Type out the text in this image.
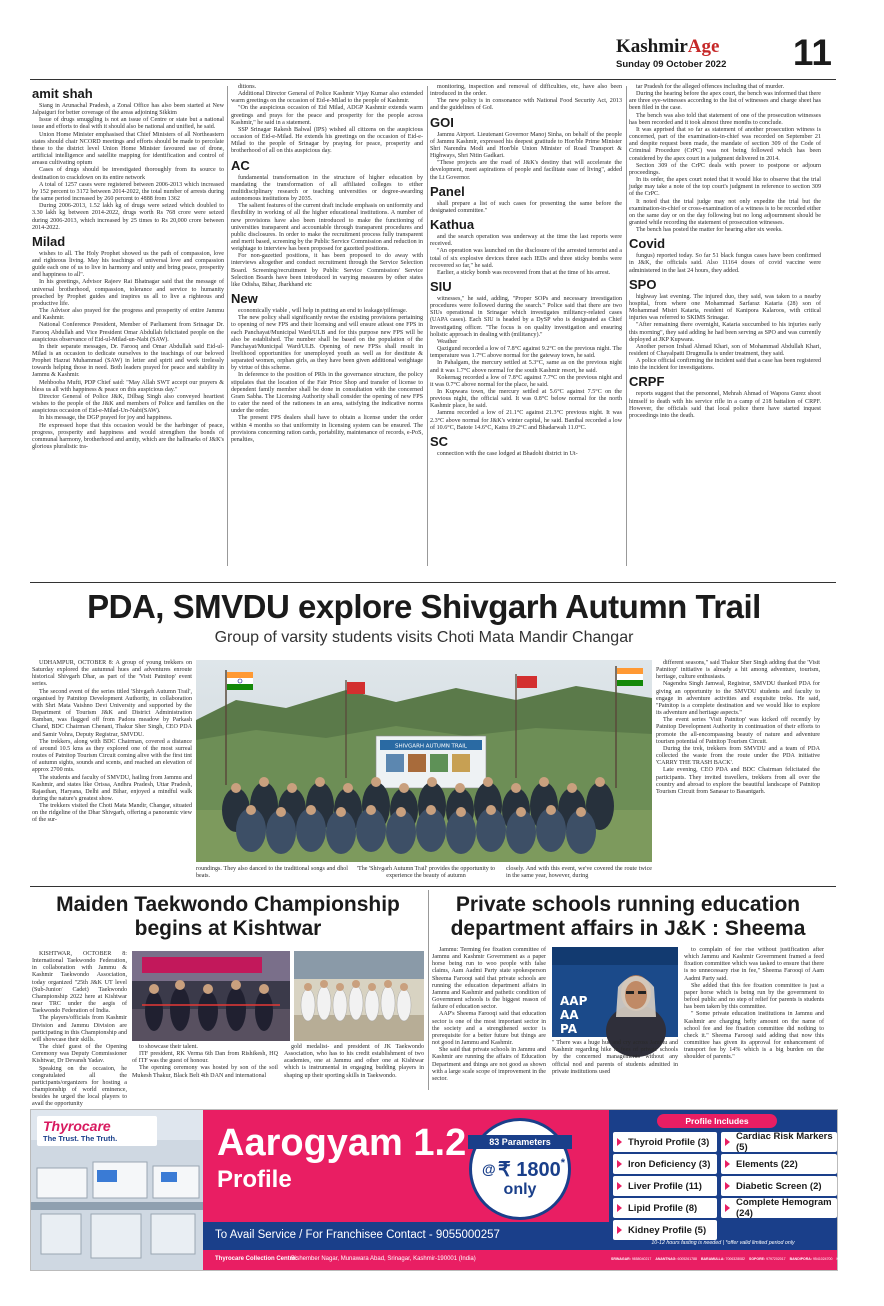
KashmirAge
Sunday 09 October 2022 11
amit shah

Siang in Arunachal Pradesh, a Zonal Office has also been started at New Jalpaiguri for better coverage of the areas adjoining Sikkim

Issue of drugs smuggling is not an issue of Centre or state but a national issue and efforts to deal with it should also be national and unified, he said.

Union Home Minister emphasised that Chief Ministers of all Northeastern states should chair NCORD meetings and efforts should be made to percolate these to the district level Union Home Minister favoured use of drone, artificial intelligence and satellite mapping for identification and control of areasu cultivating opium

Cases of drugs should be investigated thoroughly from its source to destination to crackdown on its entire network

A total of 1257 cases were registered between 2006-2013 which increased by 152 percent to 3172 between 2014-2022, the total number of arrests during the same period increased by 260 percent to 4888 from 1362

During 2006-2013, 1.52 lakh kg of drugs were seized which doubled to 3.30 lakh kg between 2014-2022, drugs worth Rs 768 crore were seized during 2006-2013, which increased by 25 times to Rs 20,000 crore between 2014-2022.

Milad

wishes to all. The Holy Prophet showed us the path of compassion, love and righteous living. May his teachings of universal love and compassion guide each one of us to live in harmony and unity and bring peace, prosperity and happiness to all".

In his greetings, Advisor Rajeev Rai Bhatnagar said that the message of universal brotherhood, compassion, tolerance and service to humanity preached by Prophet guides and inspires us all to live a righteous and productive life.

The Advisor also prayed for the progress and prosperity of entire Jammu and Kashmir.

National Conference President, Member of Parliament from Srinagar Dr. Farooq Abdullah and Vice President Omar Abdullah felicitated people on the auspicious observance of Eid-ul-Milad-un-Nabi (SAW).

In their separate messages, Dr. Farooq and Omar Abdullah said Eid-ul-Milad is an occasion to dedicate ourselves to the teachings of our beloved Prophet Hazrat Muhammad (SAW) in letter and spirit and work tirelessly towards helping those in need. Both leaders prayed for peace and stability in Jammu & Kashmir.

Mehbooba Mufti, PDP Chief said: "May Allah SWT accept our prayers & bless us all with happiness & peace on this auspicious day."

Director General of Police J&K, Dilbag Singh also conveyed heartiest wishes to the people of the J&K and members of Police and families on the auspicious occasion of Eid-e-Milad-Un-Nabi(SAW).

In his message, the DGP prayed for joy and happiness.

He expressed hope that this occasion would be the harbinger of peace, progress, prosperity and happiness and would strengthen the bonds of communal harmony, brotherhood and amity, which are the hallmarks of J&K's glorious pluralistic tra-

ditions.

Additional Director General of Police Kashmir Vijay Kumar also extended warm greetings on the occasion of Eid-e-Milad to the people of Kashmir.

"On the auspicious occasion of Eid Milad, ADGP Kashmir extends warm greetings and prays for the peace and prosperity for the people across Kashmir," he said in a statement.

SSP Srinagar Rakesh Balwal (IPS) wished all citizens on the auspicious occasion of Eid-e-Milad. He extends his greetings on the occasion of Eid-e-Milad to the people of Srinagar by praying for peace, prosperity and brotherhood of all on this auspicious day.

AC

fundamental transformation in the structure of higher education by mandating the transformation of all affiliated colleges to either multidisciplinary research or teaching universities or degree-awarding autonomous institutions by 2035.

The salient features of the current draft include emphasis on uniformity and flexibility in working of all the higher educational institutions. A number of new provisions have also been introduced to make the functioning of universities transparent and accountable through transparent procedures and public disclosures. In order to make the recruitment process fully transparent and merit based, screening by the Public Service Commission and reduction in weightage to interview has been proposed for gazetted positions.

For non-gazetted positions, it has been proposed to do away with interviews altogether and conduct recruitment through the Service Selection Board. Screening/recruitment by Public Service Commission/ Service Selection Boards have been introduced in varying measures by other states like Odisha, Bihar, Jharkhand etc

New

economically viable , will help in putting an end to leakage/pilferage.

The new policy shall significantly revise the existing provisions pertaining to opening of new FPS and their licensing and will ensure atleast one FPS in each Panchayat/Municipal Ward/ULB and for this purpose new FPS will be also be established. The number shall be based on the population of the Panchayat/Municipal Ward/ULB. Opening of new FPSs shall result in livelihood opportunities for unemployed youth as well as for destitute & separated women, orphan girls, as they have been given additional weightage by virtue of this scheme.

In deference to the position of PRIs in the governance structure, the policy stipulates that the location of the Fair Price Shop and transfer of license to dependent family member shall be done in consultation with the concerned Gram Sabha. The Licensing Authority shall consider the opening of new FPS to cater the need of the rationees in an area, satisfying the indicative norms under the order.

The present FPS dealers shall have to obtain a license under the order within 4 months so that uniformity in licensing system can be ensured. The provisions concerning ration cards, portability, maintenance of records, e-PoS, penalties,

monitoring, inspection and removal of difficulties, etc, have also been introduced in the order.

The new policy is in consonance with National Food Security Act, 2013 and the guidelines of GoI.

GOI

Jammu Airport. Lieutenant Governor Manoj Sinha, on behalf of the people of Jammu Kashmir, expressed his deepest gratitude to Hon'ble Prime Minister Shri Narendra Modi and Hon'ble Union Minister of Road Transport & Highways, Shri Nitin Gadkari.

"These projects are the road of J&K's destiny that will accelerate the development, meet aspirations of people and facilitate ease of living", added the Lt Governor.

Panel

shall prepare a list of such cases for presenting the same before the designated committee."

Kathua

and the search operation was underway at the time the last reports were received.

"An operation was launched on the disclosure of the arrested terrorist and a total of six explosive devices three each IEDs and three sticky bombs were recovered so far," he said.

Earlier, a sticky bomb was recovered from that at the time of his arrest.

SIU

witnesses," he said, adding, "Proper SOPs and necessary investigation procedures were followed during the search." Police said that there are two SIUs operational in Srinagar which investigates militancy-related cases (UAPA cases). Each SIU is headed by a DySP who is designated as Chief Investigating officer. "The focus is on quality investigation and ensuring holistic approach in dealing with (militancy)."

Weather

Qazigund recorded a low of 7.8°C against 9.2°C on the previous night. The temperature was 1.7°C above normal for the gateway town, he said.

In Pahalgam, the mercury settled at 5.3°C, same as on the previous night and it was 1.7°C above normal for the south Kashmir resort, he said.

Kokernag recorded a low of 7.8°C against 7.7°C on the previous night and it was 0.7°C above normal for the place, he said.

In Kupwara town, the mercury settled at 5.6°C against 7.5°C on the previous night, the official said. It was 0.8°C below normal for the north Kashmir place, he said.

Jammu recorded a low of 21.1°C against 21.3°C previous night. It was 2.3°C above normal for J&K's winter capital, he said. Banihal recorded a low of 10.6°C, Batote 14.6°C, Katra 19.2°C and Bhadarwah 11.0°C.

SC

connection with the case lodged at Bhadohi district in Ut-

tar Pradesh for the alleged offences including that of murder.

During the hearing before the apex court, the bench was informed that there are three eye-witnesses according to the list of witnesses and charge sheet has been filed in the case.

The bench was also told that statement of one of the prosecution witnesses has been recorded and it took almost three months to conclude.

It was apprised that so far as statement of another prosecution witness is concerned, part of the examination-in-chief was recorded on September 21 and despite request been made, the mandate of section 309 of the Code of Criminal Procedure (CrPC) was not being followed which has been considered by the apex court in a judgment delivered in 2014.

Section 309 of the CrPC deals with power to postpone or adjourn proceedings.

In its order, the apex court noted that it would like to observe that the trial judge may take a note of the top court's judgment in reference to section 309 of the CrPC.

It noted that the trial judge may not only expedite the trial but the examination-in-chief or cross-examination of a witness is to be recorded either on the same day or on the day following but no long adjournment should be granted while recording the statement of prosecution witnesses.

The bench has posted the matter for hearing after six weeks.

Covid

fungus) reported today. So far 51 black fungus cases have been confirmed in J&K, the officials said. Also 11164 doses of covid vaccine were administered in the last 24 hours, they added.

SPO

highway last evening. The injured duo, they said, was taken to a nearby hospital, from where one Mohammad Sarfaraz Kataria (28) son of Mohammad Mistri Kataria, resident of Kanipora Kalaroos, with critical injuries was referred to SKIMS Srinagar.

"After remaining there overnight, Kataria succumbed to his injuries early this morning", they said adding he had been serving as SPO and was currently deployed at JKP Kupwara.

Another person Irshad Ahmad Khari, son of Mohammad Abdullah Khari, resident of Chayalpatti Drugmulla is under treatment, they said.

A police official confirming the incident said that a case has been registered into the incident for investigations.

CRPF

reports suggest that the personnel, Mehrah Ahmad of Wapora Gurez shoot himself to death with his service rifle in a camp of 218 battalion of CRPF. However, the officials said that local police there have started inquest proceedings into the death.

PDA, SMVDU explore Shivgarh Autumn Trail
Group of varsity students visits Choti Mata Mandir Changar

UDHAMPUR, OCTOBER 8: A group of young trekkers on Saturday explored the autumnal hues and adventures enroute historical Shivgarh Dhar, as part of the 'Visit Patnitop' event series.

The second event of the series titled 'Shivgarh Autumn Trail', organised by Patnitop Development Authority, in collaboration with Shri Mata Vaishno Devi University and supported by the Department of Tourism J&K and District Administration Ramban, was flagged off from Padora meadow by Parkash Chand, BDC Chairman Chenani, Thakur Sher Singh, CEO PDA and Samir Vohra, Deputy Registrar, SMVDU.

The trekkers, along with BDC Chairman, covered a distance of around 10.5 kms as they explored one of the most surreal routes of Patnitop Tourism Circuit coming alive with the first tint of autumn sights, sounds and scents, and reached an elevation of approx 2700 mts.

The students and faculty of SMVDU, hailing from Jammu and Kashmir, and states like Orissa, Andhra Pradesh, Uttar Pradesh, Rajasthan, Haryana, Delhi and Bihar, enjoyed a mindful walk during the nature's greatest show.

The trekkers visited the Choti Mata Mandir, Changar, situated on the ridgeline of the Dhar Shivgarh, offering a panoramic view of the sur-

SHIVGARH AUTUMN TRAIL
roundings. They also danced to the traditional songs and dhol beats.
'The 'Shivgarh Autumn Trail' provides the opportunity to experience the beauty of autumn
closely. And with this event, we've covered the route twice in the same year, however, during

different seasons," said Thakur Sher Singh adding that the 'Visit Patnitop' initiative is already a hit among adventure, tourism, heritage, culture enthusiasts.

Nagendra Singh Jamwal, Registrar, SMVDU thanked PDA for giving an opportunity to the SMVDU students and faculty to engage in adventure activities and exquisite treks. He said, "Patnitop is a complete destination and we would like to explore its adventure and heritage aspects."

The event series 'Visit Patnitop' was kicked off recently by Patnitop Development Authority in continuation of their efforts to promote the all-encompassing beauty of nature and adventure tourism potential of Patnitop Tourism Circuit.

During the trek, trekkers from SMVDU and a team of PDA collected the waste from the route under the PDA initiative 'CARRY THE TRASH BACK'.

Late evening, CEO PDA and BDC Chairman felicitated the participants. They invited travellers, trekkers from all over the country and abroad to explore the beautiful landscape of Patnitop Tourism Circuit from Sanasar to Basantgarh.

Maiden Taekwondo Championship
begins at Kishtwar

KISHTWAR, OCTOBER 8: International Taekwondo Federation, in collaboration with Jammu & Kashmir Taekwondo Association, today organized "25th J&K UT level (Sub-Junior/ Cadet) Taekwondo Championship 2022 here at Kishtwar near TRC under the aegis of Taekwondo Federation of India.

The players/officials from Kashmir Division and Jammu Division are participating in this Championship and will showcase their skills.

The chief guest of the Opening Ceremony was Deputy Commissioner Kishtwar, Dr Devansh Yadav.

Speaking on the occasion, he congratulated all the participants/organizers for hosting a championship of world eminence, besides he urged the local players to avail the opportunity

to showcase their talent.

ITF president, RK Verma 6th Dan from Rishikesh, HQ of ITF was the guest of honour.

The opening ceremony was hosted by son of the soil Mukesh Thakur, Black Belt 4th DAN and international

gold medalist- and president of JK Taekwondo Association, who has to his credit establishment of two academies, one at Jammu and other one at Kishtwar which is instrumental in engaging budding players in shaping up their sporting skills in Taekwondo.

Private schools running education
department affairs in J&K : Sheema

Jammu: Terming fee fixation committee of Jammu and Kashmir Government as a paper horse being run to woo people with false claims, Aam Aadmi Party state spokesperson Sheema Farooqi said that private schools are running the education department affairs in Jammu and Kashmir and pathetic condition of Government schools is the biggest reason of failure of education sector.

AAP's Sheema Farooqi said that education sector is one of the most important sector in the society and a strengthened sector is prerequisite for a better future but things are not good in Jammu and Kashmir.

She said that private schools in Jammu and Kashmir are running the affairs of Education Department and things are not good as shown with a large scale scope of improvement in the sector.

AAP
AA
PA
" There was a huge hue and cry across Jammu and Kashmir regarding hike in fees of private schools by the concerned managements without any official nod and parents of students admitted in private institutions used

to complain of fee rise without justification after which Jammu and Kashmir Government framed a feed fixation committee which was tasked to ensure that there is no unnecessary rise in fee," Sheema Farooqi of Aam Aadmi Party said.

She added that this fee fixation committee is just a paper horse which is being run by the government to befool public and no step of relief for parents is students has been taken by this committee.

" Some private education institutions in Jammu and Kashmir are charging hefty amount on the name of school fee and fee fixation committee did nothing to check it." Sheema Farooqi said adding that now this committee has given its approval for enhancement of transport fee by 14% which is a big burden on the shoulder of parents."

Thyrocare
The Trust. The Truth.	Aarogyam 1.2
Profile
83 Parameters
@ ₹ 1800*
only
To Avail Service / For Franchisee Contact - 9055000257
Thyrocare Collection Centre:
Bishember Nagar, Munawara Abad, Srinagar, Kashmir-190001 (India)
Profile Includes
Thyroid Profile (3)
Iron Deficiency (3)
Liver Profile (11)
Lipid Profile (8)
Kidney Profile (5)
Cardiac Risk Markers (5)
Elements (22)
Diabetic Screen (2)
Complete Hemogram (24)
10-12 hours fasting is needed | *offer valid limited period only
SRINAGAR:9858040217 ANANTNAG:6005261788 BARAMULLA:7006328082 SOPORE:9797202017 BANDIPORA:9541024700 HYDERPORA:7006262480
